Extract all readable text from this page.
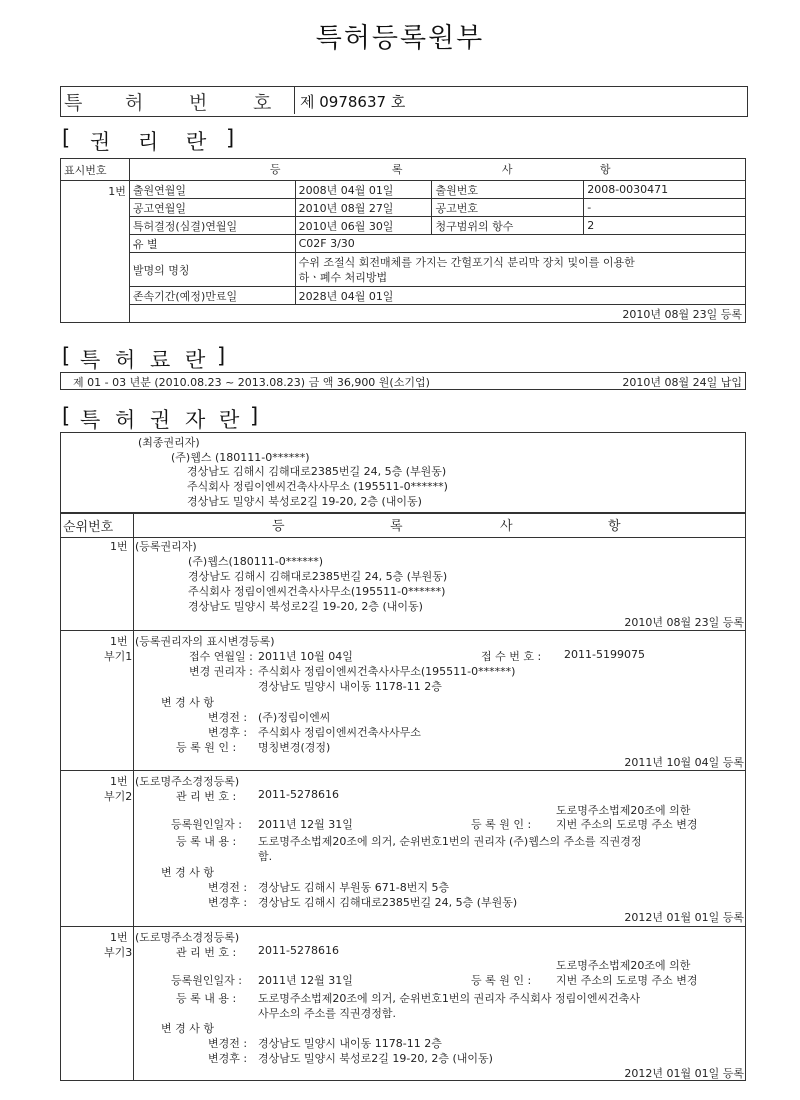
특허등록원부
특 허 번 호 제 0978637 호
[ 권 리 란 ]
표시번호	등 록 사 항			

1번	출원연월일	2008년 04월 01일	출원번호	2008-0030471
	공고연월일	2010년 08월 27일	공고번호	-
	특허결정(심결)연월일	2010년 06월 30일	청구범위의 항수	2
	유 별	C02F 3/30		
	발명의 명칭	수위 조절식 회전매체를 가지는 간헐포기식 분리막 장치 및이를 이용한
하ㆍ폐수 처리방법		

	존속기간(예정)만료일	2028년 04월 01일		
	2010년 08월 23일 등록			
[ 특 허 료 란 ]
제 01 - 03 년분 (2010.08.23 ~ 2013.08.23) 금 액 36,900 원(소기업)	2010년 08월 24일 납입
[ 특 허 권 자 란 ]
(최종권리자)
(주)웹스 (180111-0******)
경상남도 김해시 김해대로2385번길 24, 5층 (부원동)
주식회사 정림이엔씨건축사사무소 (195511-0******)
경상남도 밀양시 북성로2길 19-20, 2층 (내이동)
순위번호	등	록	사	항
1번 (등록권리자)
(주)웹스(180111-0******)
경상남도 김해시 김해대로2385번길 24, 5층 (부원동)
주식회사 정림이엔씨건축사사무소(195511-0******)
경상남도 밀양시 북성로2길 19-20, 2층 (내이동)
2010년 08월 23일 등록
1번
부기1
(등록권리자의 표시변경등록)
접수 연월일 : 2011년 10월 04일	접 수 번 호 : 2011-5199075
변경 권리자 : 주식회사 정림이엔씨건축사사무소(195511-0******)
경상남도 밀양시 내이동 1178-11 2층
변 경 사 항
변경전 : (주)정림이엔씨
변경후 : 주식회사 정림이엔씨건축사사무소
등 록 원 인 : 명칭변경(경정)
2011년 10월 04일 등록
1번
부기2
(도로명주소경정등록)
관 리 번 호 : 2011-5278616
도로명주소법제20조에 의한
등록원인일자 : 2011년 12월 31일	등 록 원 인 : 지번 주소의 도로명 주소 변경
등 록 내 용 : 도로명주소법제20조에 의거, 순위번호1번의 권리자 (주)웹스의 주소를 직권경정
함.
변 경 사 항
변경전 : 경상남도 김해시 부원동 671-8번지 5층
변경후 : 경상남도 김해시 김해대로2385번길 24, 5층 (부원동)
2012년 01월 01일 등록
1번
부기3
(도로명주소경정등록)
관 리 번 호 : 2011-5278616
도로명주소법제20조에 의한
등록원인일자 : 2011년 12월 31일	등 록 원 인 : 지번 주소의 도로명 주소 변경
등 록 내 용 : 도로명주소법제20조에 의거, 순위번호1번의 권리자 주식회사 정림이엔씨건축사
사무소의 주소를 직권경정함.
변 경 사 항
변경전 : 경상남도 밀양시 내이동 1178-11 2층
변경후 : 경상남도 밀양시 북성로2길 19-20, 2층 (내이동)
2012년 01월 01일 등록
